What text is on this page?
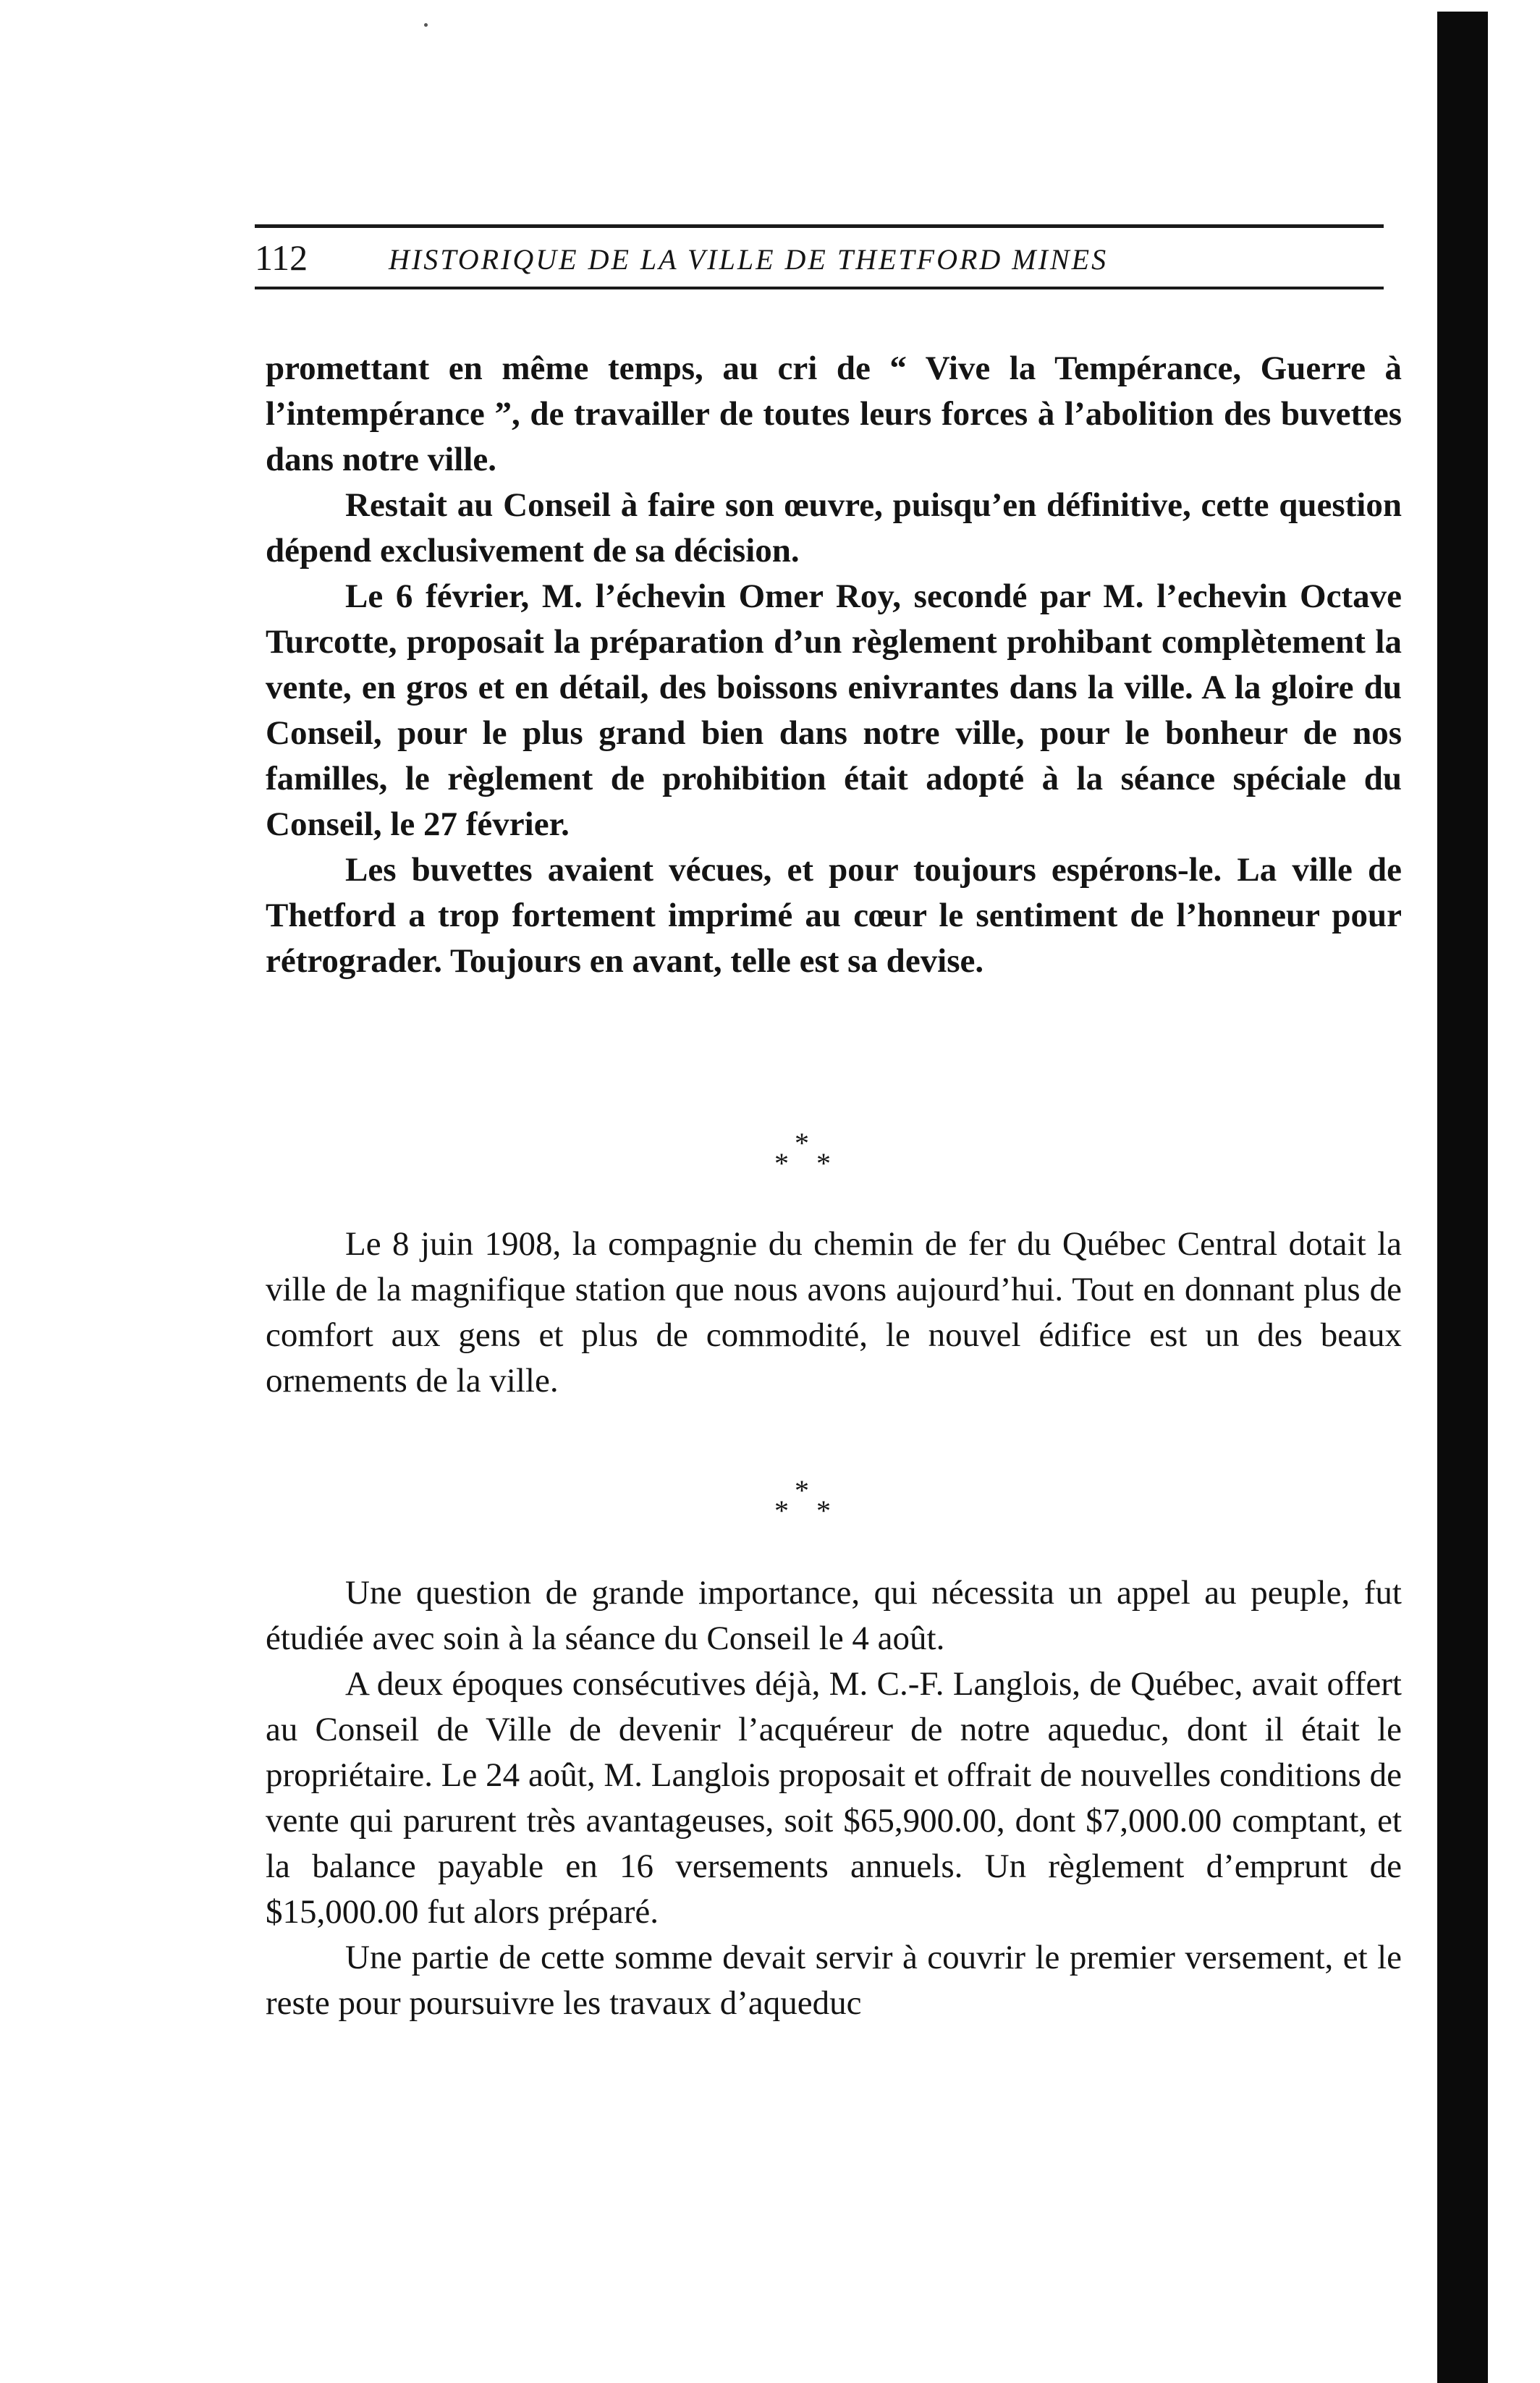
112	HISTORIQUE DE LA VILLE DE THETFORD MINES

promettant en même temps, au cri de “ Vive la Tempérance, Guerre à l’intempérance ”, de travailler de toutes leurs forces à l’abolition des buvettes dans notre ville.

Restait au Conseil à faire son œuvre, puisqu’en définitive, cette question dépend exclusivement de sa décision.

Le 6 février, M. l’échevin Omer Roy, secondé par M. l’echevin Octave Turcotte, proposait la préparation d’un règlement prohibant complètement la vente, en gros et en détail, des boissons enivrantes dans la ville. A la gloire du Conseil, pour le plus grand bien dans notre ville, pour le bonheur de nos familles, le règlement de prohibition était adopté à la séance spéciale du Conseil, le 27 février.

Les buvettes avaient vécues, et pour toujours espérons-le. La ville de Thetford a trop fortement imprimé au cœur le sentiment de l’honneur pour rétrograder. Toujours en avant, telle est sa devise.

*
* *

Le 8 juin 1908, la compagnie du chemin de fer du Québec Central dotait la ville de la magnifique station que nous avons aujourd’hui. Tout en donnant plus de comfort aux gens et plus de commodité, le nouvel édifice est un des beaux ornements de la ville.

*
* *

Une question de grande importance, qui nécessita un appel au peuple, fut étudiée avec soin à la séance du Conseil le 4 août.

A deux époques consécutives déjà, M. C.-F. Langlois, de Québec, avait offert au Conseil de Ville de devenir l’acquéreur de notre aqueduc, dont il était le propriétaire. Le 24 août, M. Langlois proposait et offrait de nouvelles conditions de vente qui parurent très avantageuses, soit $65,900.00, dont $7,000.00 comptant, et la balance payable en 16 versements annuels. Un règlement d’emprunt de $15,000.00 fut alors préparé.

Une partie de cette somme devait servir à couvrir le premier versement, et le reste pour poursuivre les travaux d’aqueduc
